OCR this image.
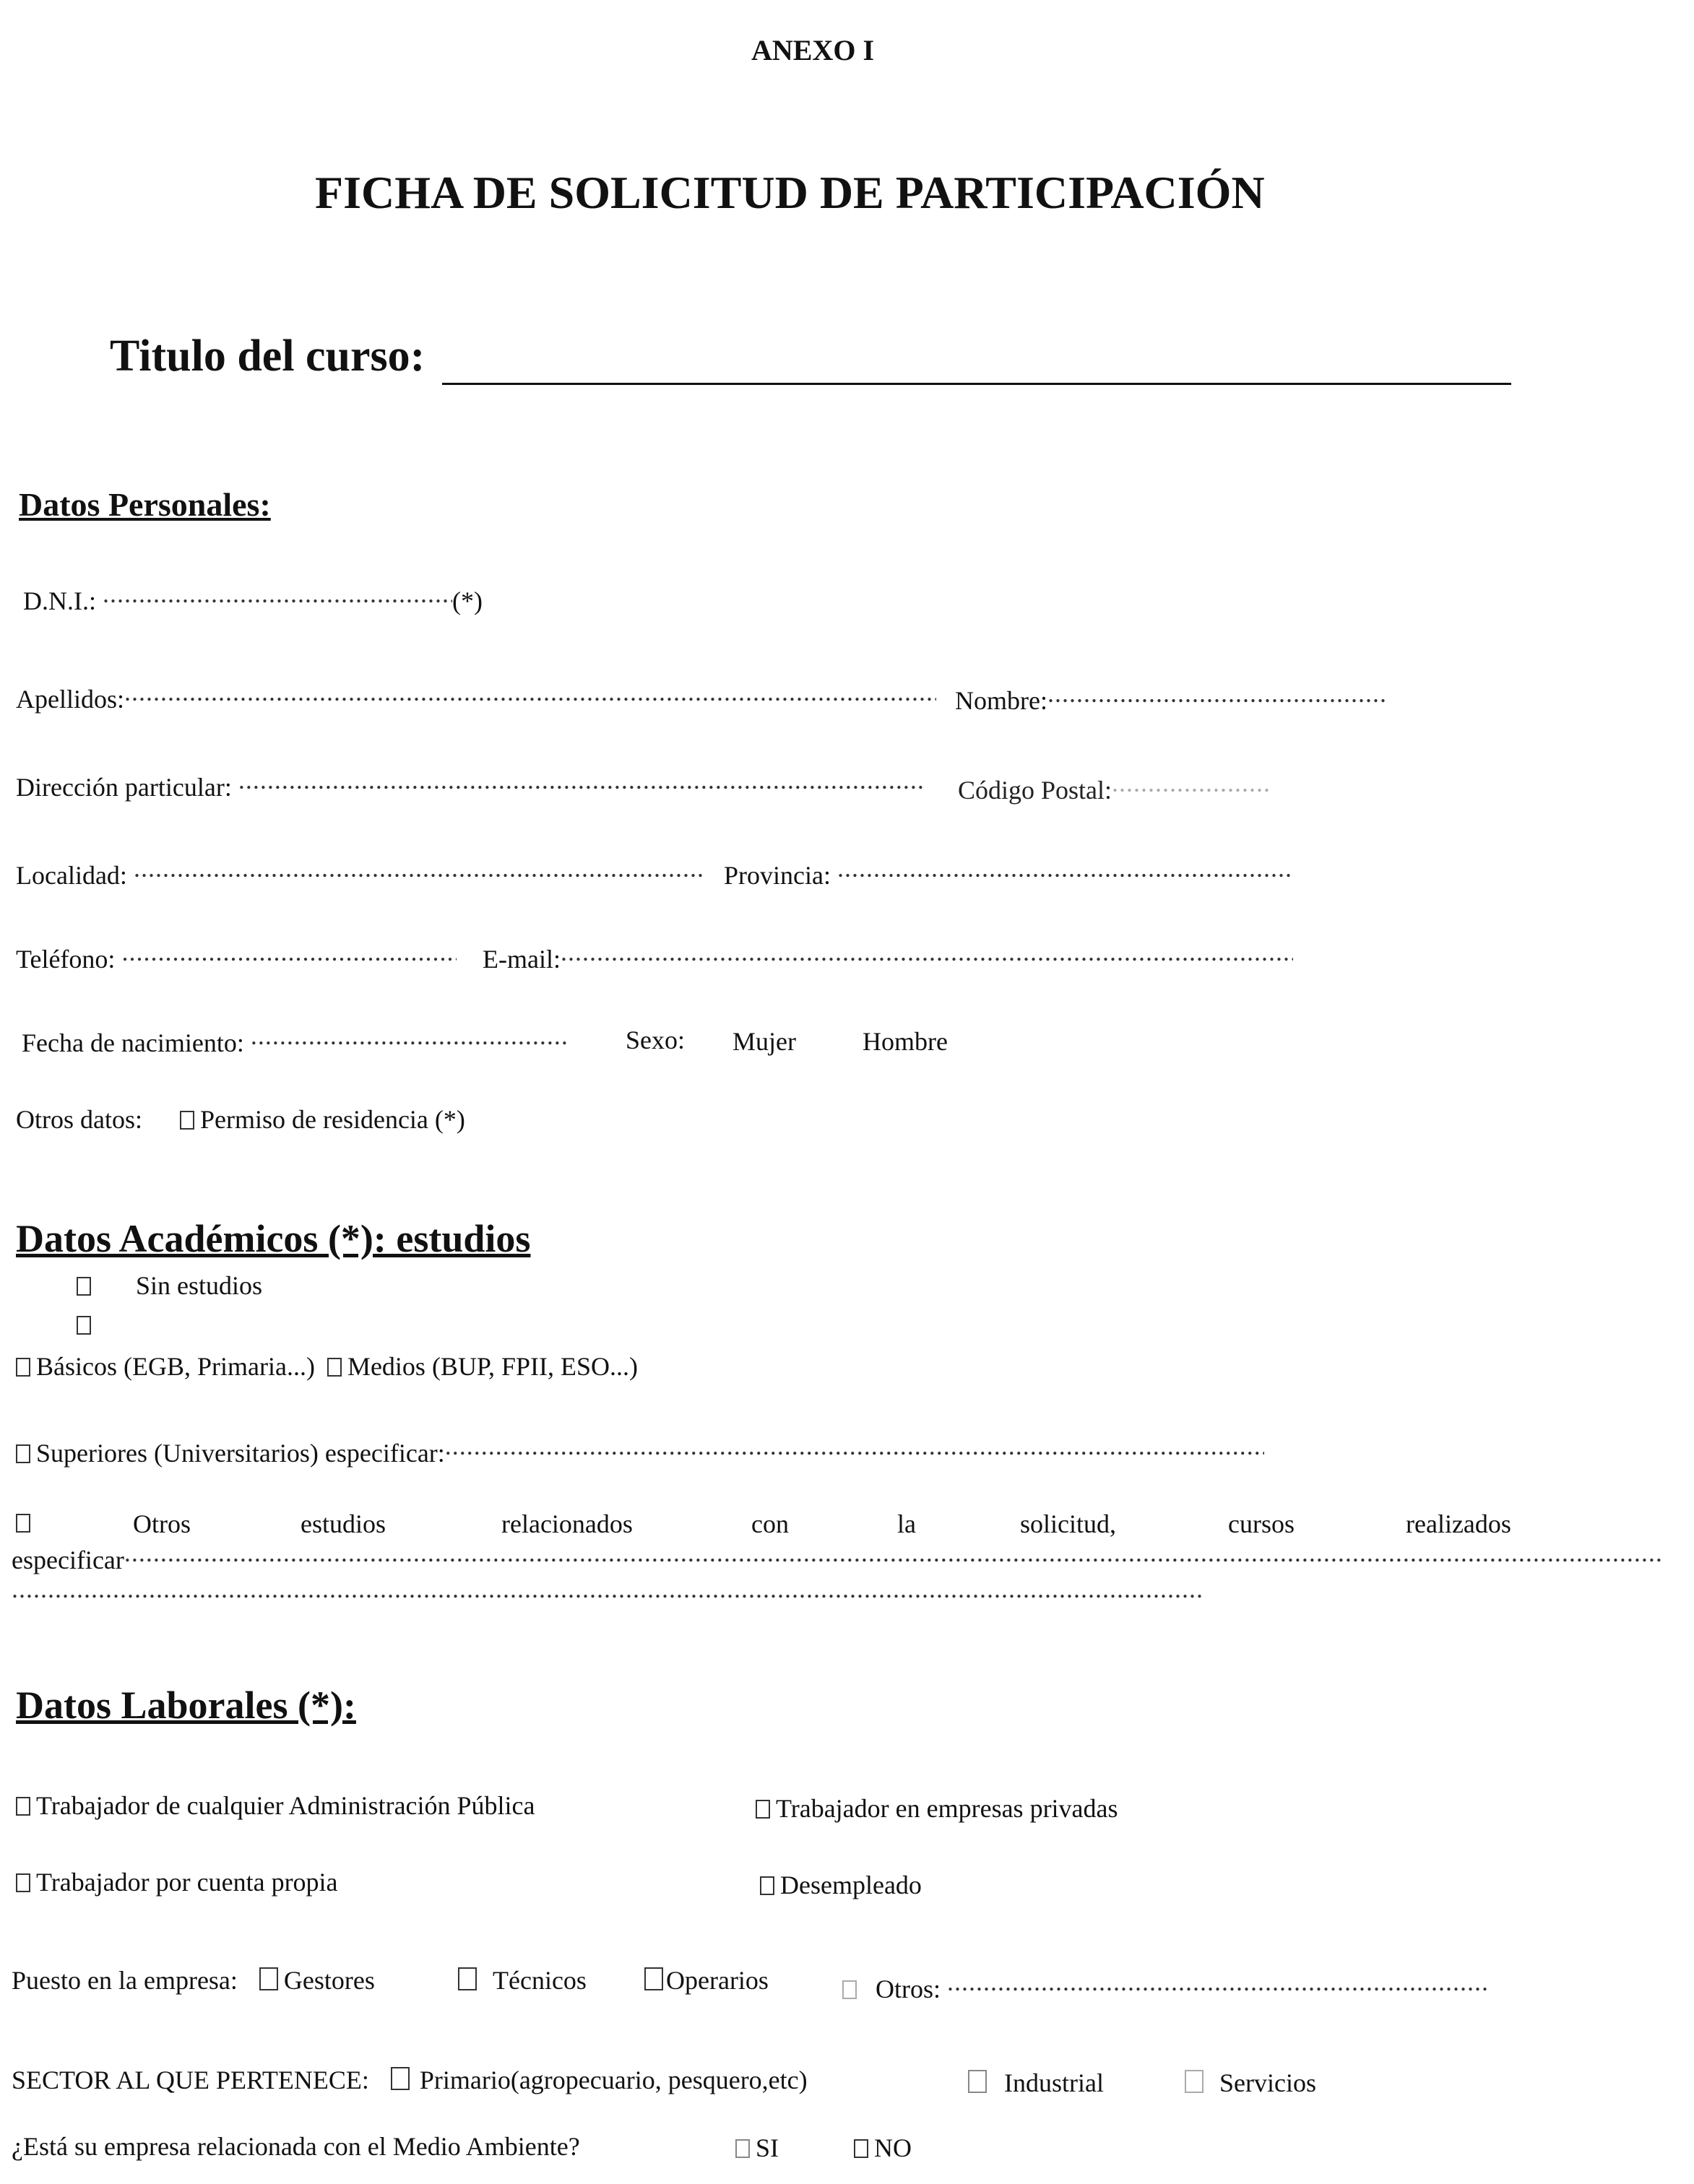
ANEXO I
FICHA DE SOLICITUD DE PARTICIPACIÓN
Titulo del curso:
Datos Personales:
D.N.I.: .....	(*)
Apellidos: .....	Nombre:.....
Dirección particular: .....	Código Postal:.....
Localidad: .....	Provincia: .....
Teléfono: .....	E-mail:.....
Fecha de nacimiento: .....	Sexo: Mujer	Hombre
Otros datos: Permiso de residencia (*)
Datos Académicos (*): estudios
Sin estudios
Básicos (EGB, Primaria...) Medios (BUP, FPII, ESO...)
Superiores (Universitarios) especificar:.....
Otros	estudios	relacionados	con	la	solicitud,	cursos	realizados
especificar.....
.....
Datos Laborales (*):
Trabajador de cualquier Administración Pública	Trabajador en empresas privadas
Trabajador por cuenta propia	Desempleado
Puesto en la empresa: Gestores	Técnicos	Operarios	Otros: .....
SECTOR AL QUE PERTENECE: Primario(agropecuario, pesquero,etc)	Industrial	Servicios
¿Está su empresa relacionada con el Medio Ambiente?	SI	NO
